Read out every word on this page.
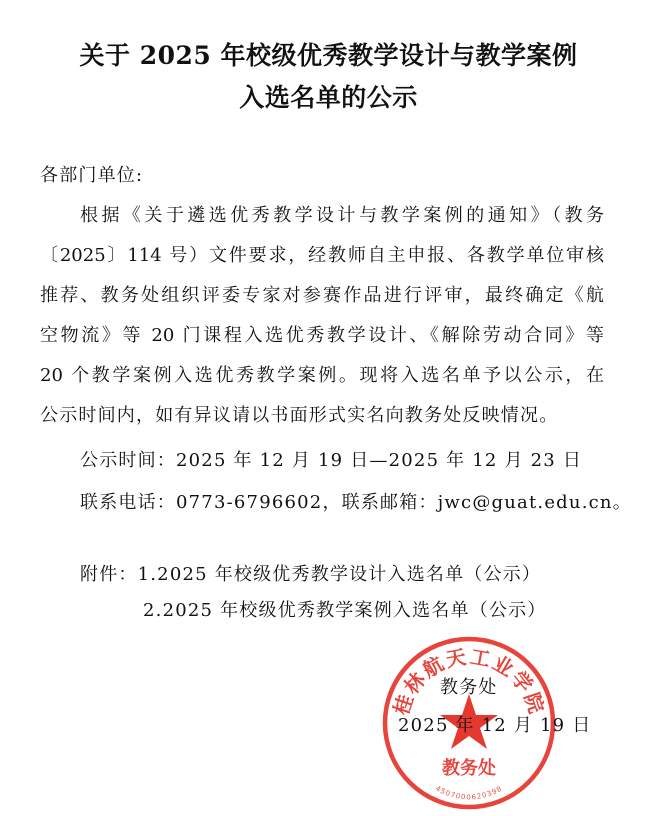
关于 2025 年校级优秀教学设计与教学案例
入选名单的公示
各部门单位:
根据《关于遴选优秀教学设计与教学案例的通知》（教务
〔2025〕114 号）文件要求，经教师自主申报、各教学单位审核
推荐、教务处组织评委专家对参赛作品进行评审，最终确定《航
空物流》等 20 门课程入选优秀教学设计、《解除劳动合同》等
20 个教学案例入选优秀教学案例。现将入选名单予以公示，在
公示时间内，如有异议请以书面形式实名向教务处反映情况。
公示时间：2025 年 12 月 19 日—2025 年 12 月 23 日
联系电话：0773-6796602，联系邮箱：jwc@guat.edu.cn。
附件：1.2025 年校级优秀教学设计入选名单（公示）
2.2025 年校级优秀教学案例入选名单（公示）
桂林航天工业学院
教务处
4507000620398
教务处
2025 年 12 月 19 日
